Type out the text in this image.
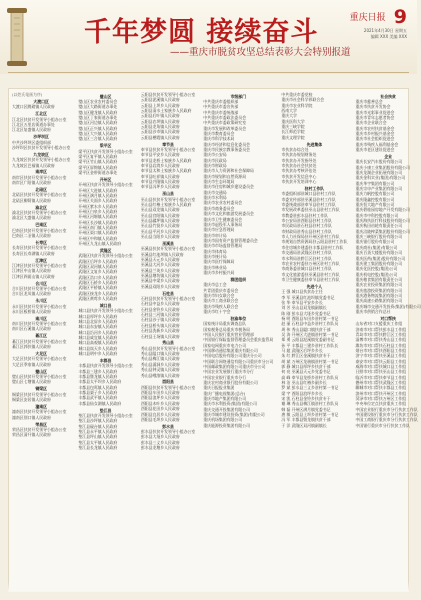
千年梦圆 接续奋斗
——重庆市脱贫攻坚总结表彰大会特别报道
重庆日报 9
2021年4月30日 星期五
编辑 XXX 美编 XXX
(以姓氏笔画为序)
大渡口区
大渡口区跳磴镇人民政府
江北区
江北区扶贫开发领导小组办公室
江北区五里店街道办事处
江北区复盛镇人民政府
沙坪坝区
中共沙坪坝区委组织部
沙坪坝区扶贫开发领导小组办公室
九龙坡区
九龙坡区扶贫开发领导小组办公室
九龙坡区巴福镇人民政府
南岸区
南岸区扶贫开发领导小组办公室
南岸区广阳镇人民政府
北碚区
北碚区扶贫开发领导小组办公室
北碚区柳荫镇人民政府
渝北区
渝北区扶贫开发领导小组办公室
渝北区大盛镇人民政府
巴南区
巴南区扶贫开发领导小组办公室
巴南区二圣镇人民政府
长寿区
长寿区扶贫开发领导小组办公室
长寿区长寿湖镇人民政府
江津区
江津区扶贫开发领导小组办公室
江津区中山镇人民政府
江津区四面山镇人民政府
合川区
合川区扶贫开发领导小组办公室
合川区龙凤镇人民政府
永川区
永川区扶贫开发领导小组办公室
永川区板桥镇人民政府
南川区
南川区扶贫开发领导小组办公室
南川区石溪镇人民政府
綦江区
綦江区扶贫开发领导小组办公室
綦江区郭扶镇人民政府
大足区
大足区扶贫开发领导小组办公室
大足区季家镇人民政府
璧山区
璧山区扶贫开发领导小组办公室
璧山区七塘镇人民政府
铜梁区
铜梁区扶贫开发领导小组办公室
铜梁区安居镇人民政府
潼南区
潼南区扶贫开发领导小组办公室
潼南区别口镇人民政府
荣昌区
荣昌区扶贫开发领导小组办公室
荣昌区清升镇人民政府
璧山区
璧山区农业农村委员会
璧山区大路街道办事处
璧山区健龙镇人民政府
璧山区丁家街道办事处
璧山区河边镇人民政府
璧山区正兴镇人民政府
璧山区大兴镇人民政府
璧山区三合镇人民政府
梁平区
梁平区扶贫开发领导小组办公室
梁平区复平镇人民政府
梁平区竹山镇人民政府
梁平区屏锦镇人民政府
梁平区金带街道办事处
开州区
开州区扶贫开发领导小组办公室
开州区大进镇人民政府
开州区满月镇人民政府
开州区关面乡人民政府
开州区紫水乡人民政府
开州区白泉乡人民政府
开州区河堰镇人民政府
开州区长沙镇人民政府
开州区南门镇人民政府
开州区渠口镇人民政府
开州区中和镇人民政府
开州区九龙山镇人民政府
武隆区
武隆区扶贫开发领导小组办公室
武隆区后坪乡人民政府
武隆区双河镇人民政府
武隆区文复乡人民政府
武隆区浩口乡人民政府
武隆区石桥乡人民政府
武隆区平桥镇人民政府
武隆区接龙乡人民政府
武隆区黄莺乡人民政府
城口县
城口县扶贫开发领导小组办公室
城口县厚坪乡人民政府
城口县北屏乡人民政府
城口县东安镇人民政府
城口县沿河乡人民政府
城口县咸宜镇人民政府
城口县高观镇人民政府
城口县岚天乡人民政府
城口县明中乡人民政府
丰都县
丰都县扶贫开发领导小组办公室
丰都县三建乡人民政府
丰都县暨龙镇人民政府
丰都县太平坝乡人民政府
丰都县包鸾镇人民政府
丰都县栗子乡人民政府
丰都县武平镇人民政府
丰都县仙女湖镇人民政府
垫江县
垫江县扶贫开发领导小组办公室
垫江县沙坪镇人民政府
垫江县砚台镇人民政府
垫江县永平镇人民政府
垫江县坪山镇人民政府
垫江县太平镇人民政府
垫江县长龙镇人民政府
云阳县扶贫开发领导小组办公室
云阳县泥溪镇人民政府
云阳县上坝乡人民政府
云阳县清水土家族乡人民政府
云阳县后叶镇人民政府
云阳县农坝镇人民政府
云阳县龙角镇人民政府
云阳县沙市镇人民政府
云阳县栖霞镇人民政府
奉节县
奉节县扶贫开发领导小组办公室
奉节县平安乡人民政府
奉节县龙桥土家族乡人民政府
奉节县岩湾乡人民政府
奉节县太和土家族乡人民政府
奉节县吐祥镇人民政府
奉节县兴隆镇人民政府
奉节县冯坪乡人民政府
巫山县
巫山县扶贫开发领导小组办公室
巫山县红椿土家族乡人民政府
巫山县双龙镇人民政府
巫山县官阳镇人民政府
巫山县骡坪镇人民政府
巫山县竹贤乡人民政府
巫山县平河乡人民政府
巫山县当阳乡人民政府
巫溪县
巫溪县扶贫开发领导小组办公室
巫溪县红池坝镇人民政府
巫溪县天元乡人民政府
巫溪县大河乡人民政府
巫溪县兰英乡人民政府
巫溪县塘坊镇人民政府
巫溪县中梁乡人民政府
巫溪县双阳乡人民政府
石柱县
石柱县扶贫开发领导小组办公室
石柱县中益乡人民政府
石柱县金铃乡人民政府
石柱县三河镇人民政府
石柱县沙子镇人民政府
石柱县桥头镇人民政府
石柱县洗新乡人民政府
石柱县王场镇人民政府
秀山县
秀山县扶贫开发领导小组办公室
秀山县隘口镇人民政府
秀山县梅江镇人民政府
秀山县涌洞乡人民政府
秀山县钟灵镇人民政府
秀山县峨溶镇人民政府
酉阳县
酉阳县扶贫开发领导小组办公室
酉阳县车田乡人民政府
酉阳县浪坪乡人民政府
酉阳县木叶乡人民政府
酉阳县花田乡人民政府
酉阳县宜居乡人民政府
酉阳县毛坝乡人民政府
彭水县
彭水县扶贫开发领导小组办公室
彭水县大垭乡人民政府
彭水县三义乡人民政府
彭水县龙塘乡人民政府
市级部门
中共重庆市委组织部
中共重庆市委宣传部
中共重庆市委统战部
中共重庆市委政法委员会
中共重庆市委政策研究室
重庆市发展和改革委员会
重庆市教育委员会
重庆市科学技术局
重庆市经济和信息化委员会
重庆市民族宗教事务委员会
重庆市公安局
重庆市民政局
重庆市财政局
重庆市人力资源和社会保障局
重庆市规划和自然资源局
重庆市生态环境局
重庆市住房和城乡建设委员会
重庆市交通局
重庆市水利局
重庆市农业农村委员会
重庆市商务委员会
重庆市文化和旅游发展委员会
重庆市卫生健康委员会
重庆市退役军人事务局
重庆市应急管理局
重庆市审计局
重庆市国有资产监督管理委员会
重庆市市场监督管理局
重庆市体育局
重庆市统计局
重庆市医疗保障局
重庆市林业局
重庆市乡村振兴局
群团组织
重庆市总工会
共青团重庆市委员会
重庆市妇女联合会
重庆市工商业联合会
重庆市残疾人联合会
重庆市红十字会
驻渝单位
国家统计局重庆调查总队
国家税务总局重庆市税务局
中国人民银行重庆营业管理部
中国银行保险监督管理委员会重庆监管局
国家电网重庆市电力公司
中国移动通信集团重庆有限公司
中国电信股份有限公司重庆分公司
中国联合网络通信有限公司重庆市分公司
中国邮政集团有限公司重庆市分公司
中国农业发展银行重庆市分行
中国农业银行重庆市分行
重庆农村商业银行股份有限公司
重庆日报报业集团
重庆广播电视集团(总台)
重庆市地产集团有限公司
重庆市水利投资(集团)有限公司
重庆交通开投集团有限公司
重庆市城市建设投资(集团)有限公司
重庆机场集团有限公司
重庆能源投资集团有限公司
中共重庆市委党校
重庆市社会科学界联合会
重庆市农业科学院
西南大学
重庆大学
重庆医科大学
重庆三峡学院
长江师范学院
重庆文理学院
先进集体
市扶贫办综合处
市扶贫办规划财务处
市扶贫办开发指导处
市扶贫办社会扶贫处
市扶贫办考核评估处
市扶贫开发信息中心
市扶贫开发培训中心
驻村工作队
市委组织部驻城口县驻村工作队
市委宣传部驻巫溪县驻村工作队
市委统战部驻奉节县驻村工作队
市发展改革委驻巫山县驻村工作队
市教委驻彭水县驻村工作队
市公安局驻酉阳县驻村工作队
市民政局驻石柱县驻村工作队
市财政局驻秀山县驻村工作队
市人力社保局驻开州区驻村工作队
市规划自然资源局驻云阳县驻村工作队
市住房城乡建委驻丰都县驻村工作队
市交通局驻武隆区驻村工作队
市水利局驻黔江区驻村工作队
市农业农村委驻万州区驻村工作队
市商务委驻城口县驻村工作队
市文化旅游委驻巫溪县驻村工作队
市卫生健康委驻奉节县驻村工作队
先进个人
王 强 城口县扶贫办主任
李 军 巫溪县红池坝镇党委书记
张 华 奉节县平安乡乡长
刘 芳 巫山县双龙镇副镇长
陈 刚 彭水县大垭乡党委书记
杨 明 酉阳县车田乡驻村第一书记
赵 丽 石柱县中益乡驻村工作队员
周 伟 秀山县隘口镇扶贫干部
吴 涛 开州区大进镇驻村第一书记
郑 勇 云阳县泥溪镇党委副书记
孙 平 丰都县三建乡驻村工作队长
马 超 武隆区后坪乡乡长
朱 红 黔江区金溪镇扶贫专干
胡 斌 万州区龙驹镇驻村第一书记
郭 静 城口县厚坪乡扶贫干部
何 亮 巫溪县天元乡党委书记
高 峰 奉节县龙桥乡驻村工作队员
林 洁 巫山县红椿乡副乡长
罗 斌 彭水县三义乡驻村第一书记
梁 宇 酉阳县浪坪乡乡长
宋 凯 石柱县金铃乡扶贫专干
谢 琳 秀山县梅江镇驻村工作队员
韩 磊 开州区满月镇党委书记
唐 敏 云阳县上坝乡驻村第一书记
冯 军 丰都县暨龙镇扶贫干部
于 洋 武隆区双河镇副镇长
社会扶贫
重庆市慈善总会
重庆市扶贫开发协会
重庆市光彩事业促进会
重庆市青年志愿者协会
重庆市企业联合会
重庆市农村扶贫基金会
重庆市乡村振兴基金会
重庆市社会组织促进会
重庆市残疾人福利基金会
重庆市老区建设促进会
企业
重庆长安汽车股份有限公司
重庆小康工业集团股份有限公司
重庆龙湖企业拓展有限公司
重庆金科实业(集团)有限公司
重庆华宇集团有限公司
重庆宗申产业集团有限公司
重庆力帆控股有限公司
重庆隆鑫控股有限公司
重庆恒大地产有限公司
重庆碧桂园房地产开发有限公司
重庆市中科控股有限公司
重庆海扶医疗科技股份有限公司
重庆秋田齿轮有限责任公司
重庆涪陵榨菜集团股份有限公司
重庆三峡银行股份有限公司
重庆银行股份有限公司
重庆商社(集团)有限公司
重庆百货大楼股份有限公司
重庆医药(集团)股份有限公司
重庆建工集团股份有限公司
重庆化医控股(集团)公司
重庆机电控股(集团)公司
重庆粮食集团有限责任公司
重庆农业投资集团有限公司
重庆旅游投资集团有限公司
重庆港务物流集团有限公司
重庆高速公路集团有限公司
重庆城市交通开发投资(集团)有限公司
重庆市供销合作总社
对口帮扶
山东省对口支援重庆工作组
济南市对口帮扶彭水县工作组
青岛市对口帮扶黔江区工作组
淄博市对口帮扶秀山县工作组
潍坊市对口帮扶石柱县工作组
烟台市对口帮扶酉阳县工作组
济宁市对口帮扶巫溪县工作组
泰安市对口帮扶云阳县工作组
威海市对口帮扶城口县工作组
日照市对口帮扶巫山县工作组
临沂市对口帮扶奉节县工作组
德州市对口帮扶武隆区工作组
聊城市对口帮扶丰都县工作组
滨州市对口帮扶开州区工作组
菏泽市对口帮扶万州区工作组
中央单位定点扶贫重庆工作组
中国农业银行重庆市分行扶贫工作队
中国建设银行重庆市分行扶贫工作队
中国工商银行重庆市分行扶贫工作队
中国银行重庆市分行扶贫工作队
